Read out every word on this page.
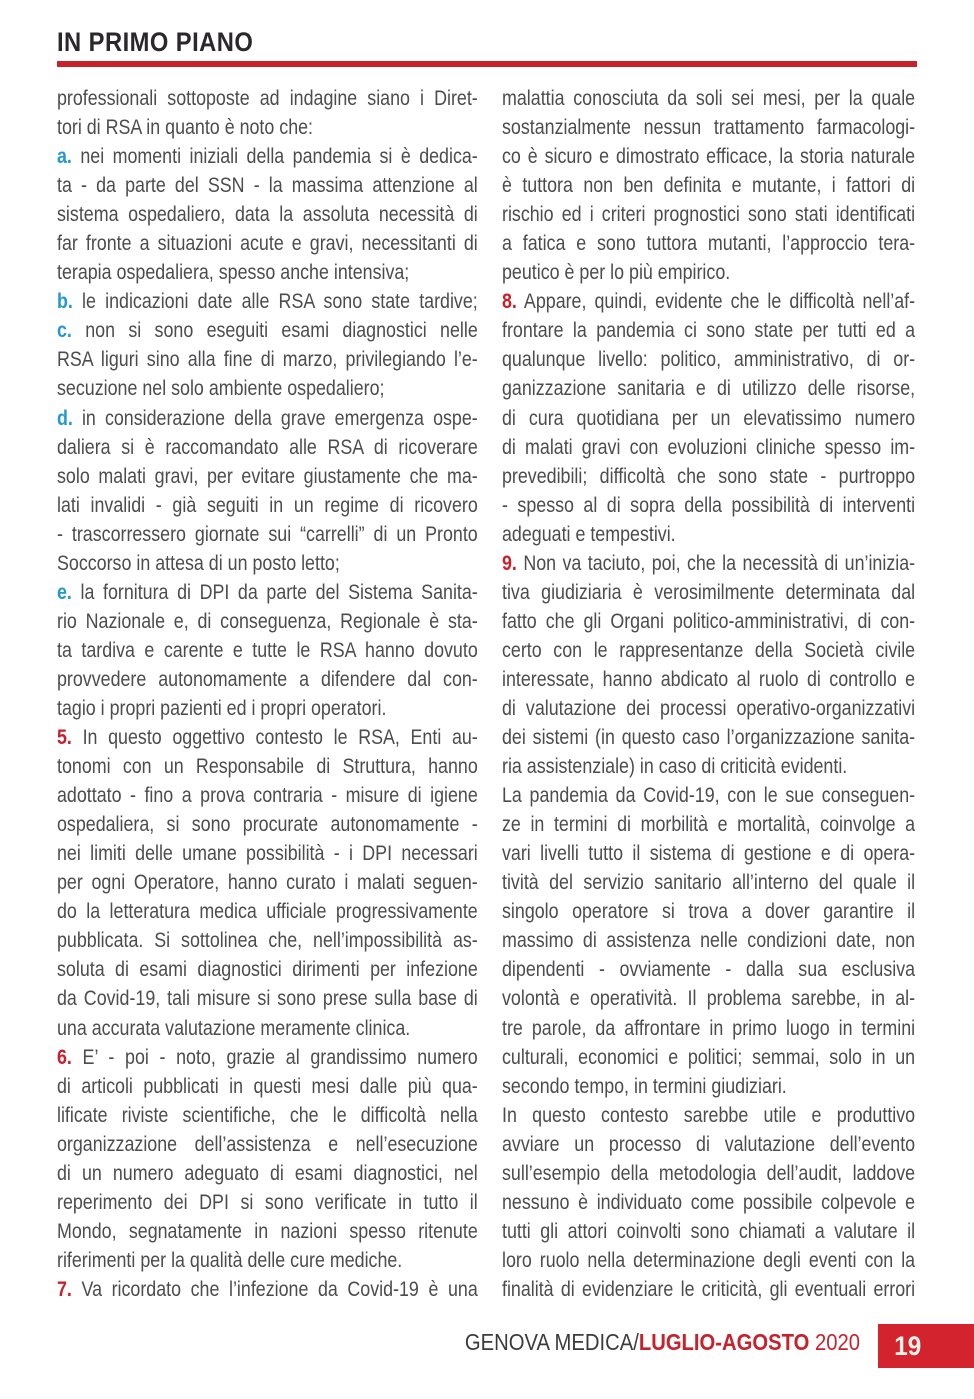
IN PRIMO PIANO
professionali sottoposte ad indagine siano i Diret-
tori di RSA in quanto è noto che:
a. nei momenti iniziali della pandemia si è dedica-
ta - da parte del SSN - la massima attenzione al
sistema ospedaliero, data la assoluta necessità di
far fronte a situazioni acute e gravi, necessitanti di
terapia ospedaliera, spesso anche intensiva;
b. le indicazioni date alle RSA sono state tardive;
c. non si sono eseguiti esami diagnostici nelle
RSA liguri sino alla fine di marzo, privilegiando l’e-
secuzione nel solo ambiente ospedaliero;
d. in considerazione della grave emergenza ospe-
daliera si è raccomandato alle RSA di ricoverare
solo malati gravi, per evitare giustamente che ma-
lati invalidi - già seguiti in un regime di ricovero
- trascorressero giornate sui “carrelli” di un Pronto
Soccorso in attesa di un posto letto;
e. la fornitura di DPI da parte del Sistema Sanita-
rio Nazionale e, di conseguenza, Regionale è sta-
ta tardiva e carente e tutte le RSA hanno dovuto
provvedere autonomamente a difendere dal con-
tagio i propri pazienti ed i propri operatori.
5. In questo oggettivo contesto le RSA, Enti au-
tonomi con un Responsabile di Struttura, hanno
adottato - fino a prova contraria - misure di igiene
ospedaliera, si sono procurate autonomamente -
nei limiti delle umane possibilità - i DPI necessari
per ogni Operatore, hanno curato i malati seguen-
do la letteratura medica ufficiale progressivamente
pubblicata. Si sottolinea che, nell’impossibilità as-
soluta di esami diagnostici dirimenti per infezione
da Covid-19, tali misure si sono prese sulla base di
una accurata valutazione meramente clinica.
6. E’ - poi - noto, grazie al grandissimo numero
di articoli pubblicati in questi mesi dalle più qua-
lificate riviste scientifiche, che le difficoltà nella
organizzazione dell’assistenza e nell’esecuzione
di un numero adeguato di esami diagnostici, nel
reperimento dei DPI si sono verificate in tutto il
Mondo, segnatamente in nazioni spesso ritenute
riferimenti per la qualità delle cure mediche.
7. Va ricordato che l’infezione da Covid-19 è una
malattia conosciuta da soli sei mesi, per la quale
sostanzialmente nessun trattamento farmacologi-
co è sicuro e dimostrato efficace, la storia naturale
è tuttora non ben definita e mutante, i fattori di
rischio ed i criteri prognostici sono stati identificati
a fatica e sono tuttora mutanti, l’approccio tera-
peutico è per lo più empirico.
8. Appare, quindi, evidente che le difficoltà nell’af-
frontare la pandemia ci sono state per tutti ed a
qualunque livello: politico, amministrativo, di or-
ganizzazione sanitaria e di utilizzo delle risorse,
di cura quotidiana per un elevatissimo numero
di malati gravi con evoluzioni cliniche spesso im-
prevedibili; difficoltà che sono state - purtroppo
- spesso al di sopra della possibilità di interventi
adeguati e tempestivi.
9. Non va taciuto, poi, che la necessità di un’inizia-
tiva giudiziaria è verosimilmente determinata dal
fatto che gli Organi politico-amministrativi, di con-
certo con le rappresentanze della Società civile
interessate, hanno abdicato al ruolo di controllo e
di valutazione dei processi operativo-organizzativi
dei sistemi (in questo caso l’organizzazione sanita-
ria assistenziale) in caso di criticità evidenti.
La pandemia da Covid-19, con le sue conseguen-
ze in termini di morbilità e mortalità, coinvolge a
vari livelli tutto il sistema di gestione e di opera-
tività del servizio sanitario all’interno del quale il
singolo operatore si trova a dover garantire il
massimo di assistenza nelle condizioni date, non
dipendenti - ovviamente - dalla sua esclusiva
volontà e operatività. Il problema sarebbe, in al-
tre parole, da affrontare in primo luogo in termini
culturali, economici e politici; semmai, solo in un
secondo tempo, in termini giudiziari.
In questo contesto sarebbe utile e produttivo
avviare un processo di valutazione dell’evento
sull’esempio della metodologia dell’audit, laddove
nessuno è individuato come possibile colpevole e
tutti gli attori coinvolti sono chiamati a valutare il
loro ruolo nella determinazione degli eventi con la
finalità di evidenziare le criticità, gli eventuali errori
GENOVA MEDICA/LUGLIO-AGOSTO 2020	19
